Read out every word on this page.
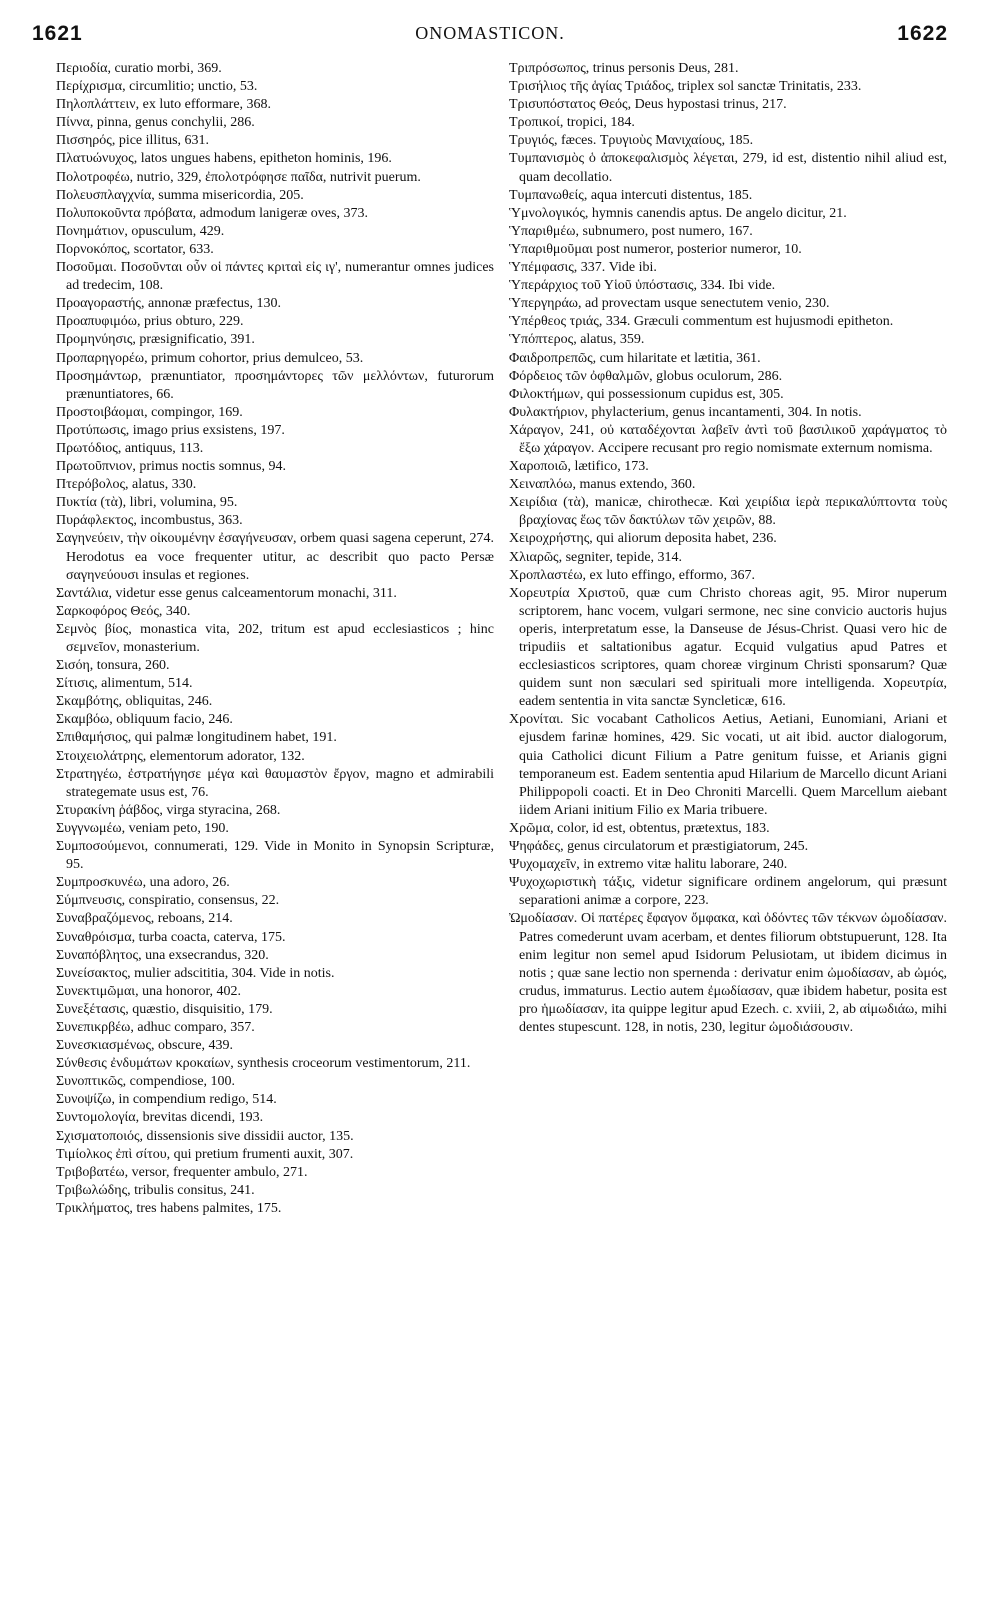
1621	ONOMASTICON.	1622

Περιοδία, curatio morbi, 369.

Περίχρισμα, circumlitio; unctio, 53.

Πηλοπλάττειν, ex luto efformare, 368.

Πίννα, pinna, genus conchylii, 286.

Πισσηρός, pice illitus, 631.

Πλατυώνυχος, latos ungues habens, epitheton hominis, 196.

Πολοτροφέω, nutrio, 329, ἐπολοτρόφησε παῖδα, nutrivit puerum.

Πολευσπλαγχνία, summa misericordia, 205.

Πολυποκοῦντα πρόβατα, admodum lanigeræ oves, 373.

Πονημάτιον, opusculum, 429.

Πορνοκόπος, scortator, 633.

Ποσοῦμαι. Ποσοῦνται οὖν οἱ πάντες κριταὶ εἰς ιγ', numerantur omnes judices ad tredecim, 108.

Προαγοραστής, annonæ præfectus, 130.

Προαπυφιμόω, prius obturo, 229.

Προμηνύησις, præsignificatio, 391.

Προπαρηγορέω, primum cohortor, prius demulceo, 53.

Προσημάντωρ, prænuntiator, προσημάντορες τῶν μελλόντων, futurorum prænuntiatores, 66.

Προστοιβάομαι, compingor, 169.

Προτύπωσις, imago prius exsistens, 197.

Πρωτόδιος, antiquus, 113.

Πρωτοῦπνιον, primus noctis somnus, 94.

Πτερόβολος, alatus, 330.

Πυκτία (τὰ), libri, volumina, 95.

Πυράφλεκτος, incombustus, 363.

Σαγηνεύειν, τὴν οἰκουμένην ἐσαγήνευσαν, orbem quasi sagena ceperunt, 274. Herodotus ea voce frequenter utitur, ac describit quo pacto Persæ σαγηνεύουσι insulas et regiones.

Σαντάλια, videtur esse genus calceamentorum monachi, 311.

Σαρκοφόρος Θεός, 340.

Σεμνὸς βίος, monastica vita, 202, tritum est apud ecclesiasticos ; hinc σεμνεῖον, monasterium.

Σισόη, tonsura, 260.

Σίτισις, alimentum, 514.

Σκαμβότης, obliquitas, 246.

Σκαμβόω, obliquum facio, 246.

Σπιθαμήσιος, qui palmæ longitudinem habet, 191.

Στοιχειολάτρης, elementorum adorator, 132.

Στρατηγέω, ἐστρατήγησε μέγα καὶ θαυμαστὸν ἔργον, magno et admirabili strategemate usus est, 76.

Στυρακίνη ῥάβδος, virga styracina, 268.

Συγγνωμέω, veniam peto, 190.

Συμποσούμενοι, connumerati, 129. Vide in Monito in Synopsin Scripturæ, 95.

Συμπροσκυνέω, una adoro, 26.

Σύμπνευσις, conspiratio, consensus, 22.

Συναβραζόμενος, reboans, 214.

Συναθρόισμα, turba coacta, caterva, 175.

Συναπόβλητος, una exsecrandus, 320.

Συνείσακτος, mulier adscititia, 304. Vide in notis.

Συνεκτιμῶμαι, una honoror, 402.

Συνεξέτασις, quæstio, disquisitio, 179.

Συνεπικρβέω, adhuc comparo, 357.

Συνεσκιασμένως, obscure, 439.

Σύνθεσις ἐνδυμάτων κροκαίων, synthesis croceorum vestimentorum, 211.

Συνοπτικῶς, compendiose, 100.

Συνοψίζω, in compendium redigo, 514.

Συντομολογία, brevitas dicendi, 193.

Σχισματοποιός, dissensionis sive dissidii auctor, 135.

Τιμίολκος ἐπὶ σίτου, qui pretium frumenti auxit, 307.

Τριβοβατέω, versor, frequenter ambulo, 271.

Τριβωλώδης, tribulis consitus, 241.

Τρικλήματος, tres habens palmites, 175.

Τριπρόσωπος, trinus personis Deus, 281.

Τρισήλιος τῆς ἁγίας Τριάδος, triplex sol sanctæ Trinitatis, 233.

Τρισυπόστατος Θεός, Deus hypostasi trinus, 217.

Τροπικοί, tropici, 184.

Τρυγιός, fæces. Τρυγιοὺς Μανιχαίους, 185.

Τυμπανισμὸς ὁ ἀποκεφαλισμὸς λέγεται, 279, id est, distentio nihil aliud est, quam decollatio.

Τυμπανωθείς, aqua intercuti distentus, 185.

Ὑμνολογικός, hymnis canendis aptus. De angelo dicitur, 21.

Ὑπαριθμέω, subnumero, post numero, 167.

Ὑπαριθμοῦμαι post numeror, posterior numeror, 10.

Ὑπέμφασις, 337. Vide ibi.

Ὑπεράρχιος τοῦ Υἱοῦ ὑπόστασις, 334. Ibi vide.

Ὑπεργηράω, ad provectam usque senectutem venio, 230.

Ὑπέρθεος τριάς, 334. Græculi commentum est hujusmodi epitheton.

Ὑπόπτερος, alatus, 359.

Φαιδροπρεπῶς, cum hilaritate et lætitia, 361.

Φόρδειος τῶν ὀφθαλμῶν, globus oculorum, 286.

Φιλοκτήμων, qui possessionum cupidus est, 305.

Φυλακτήριον, phylacterium, genus incantamenti, 304. In notis.

Χάραγον, 241, οὐ καταδέχονται λαβεῖν ἀντὶ τοῦ βασιλικοῦ χαράγματος τὸ ἔξω χάραγον. Accipere recusant pro regio nomismate externum nomisma.

Χαροποιῶ, lætifico, 173.

Χειναπλόω, manus extendo, 360.

Χειρίδια (τὰ), manicæ, chirothecæ. Καὶ χειρίδια ἱερὰ περικαλύπτοντα τοὺς βραχίονας ἕως τῶν δακτύλων τῶν χειρῶν, 88.

Χειροχρήστης, qui aliorum deposita habet, 236.

Χλιαρῶς, segniter, tepide, 314.

Χροπλαστέω, ex luto effingo, efformo, 367.

Χορευτρία Χριστοῦ, quæ cum Christo choreas agit, 95. Miror nuperum scriptorem, hanc vocem, vulgari sermone, nec sine convicio auctoris hujus operis, interpretatum esse, la Danseuse de Jésus-Christ. Quasi vero hic de tripudiis et saltationibus agatur. Ecquid vulgatius apud Patres et ecclesiasticos scriptores, quam choreæ virginum Christi sponsarum? Quæ quidem sunt non sæculari sed spirituali more intelligenda. Χορευτρία, eadem sententia in vita sanctæ Syncleticæ, 616.

Χρονίται. Sic vocabant Catholicos Aetius, Aetiani, Eunomiani, Ariani et ejusdem farinæ homines, 429. Sic vocati, ut ait ibid. auctor dialogorum, quia Catholici dicunt Filium a Patre genitum fuisse, et Arianis gigni temporaneum est. Eadem sententia apud Hilarium de Marcello dicunt Ariani Philippopoli coacti. Et in Deo Chroniti Marcelli. Quem Marcellum aiebant iidem Ariani initium Filio ex Maria tribuere.

Χρῶμα, color, id est, obtentus, prætextus, 183.

Ψηφάδες, genus circulatorum et præstigiatorum, 245.

Ψυχομαχεῖν, in extremo vitæ halitu laborare, 240.

Ψυχοχωριστικὴ τάξις, videtur significare ordinem angelorum, qui præsunt separationi animæ a corpore, 223.

Ὠμοδίασαν. Οἱ πατέρες ἔφαγον ὄμφακα, καὶ ὀδόντες τῶν τέκνων ὠμοδίασαν. Patres comederunt uvam acerbam, et dentes filiorum obtstupuerunt, 128. Ita enim legitur non semel apud Isidorum Pelusiotam, ut ibidem dicimus in notis ; quæ sane lectio non spernenda : derivatur enim ὠμοδίασαν, ab ὠμός, crudus, immaturus. Lectio autem ἐμωδίασαν, quæ ibidem habetur, posita est pro ἡμωδίασαν, ita quippe legitur apud Ezech. c. xviii, 2, ab αἱμωδιάω, mihi dentes stupescunt. 128, in notis, 230, legitur ὠμοδιάσουσιν.
